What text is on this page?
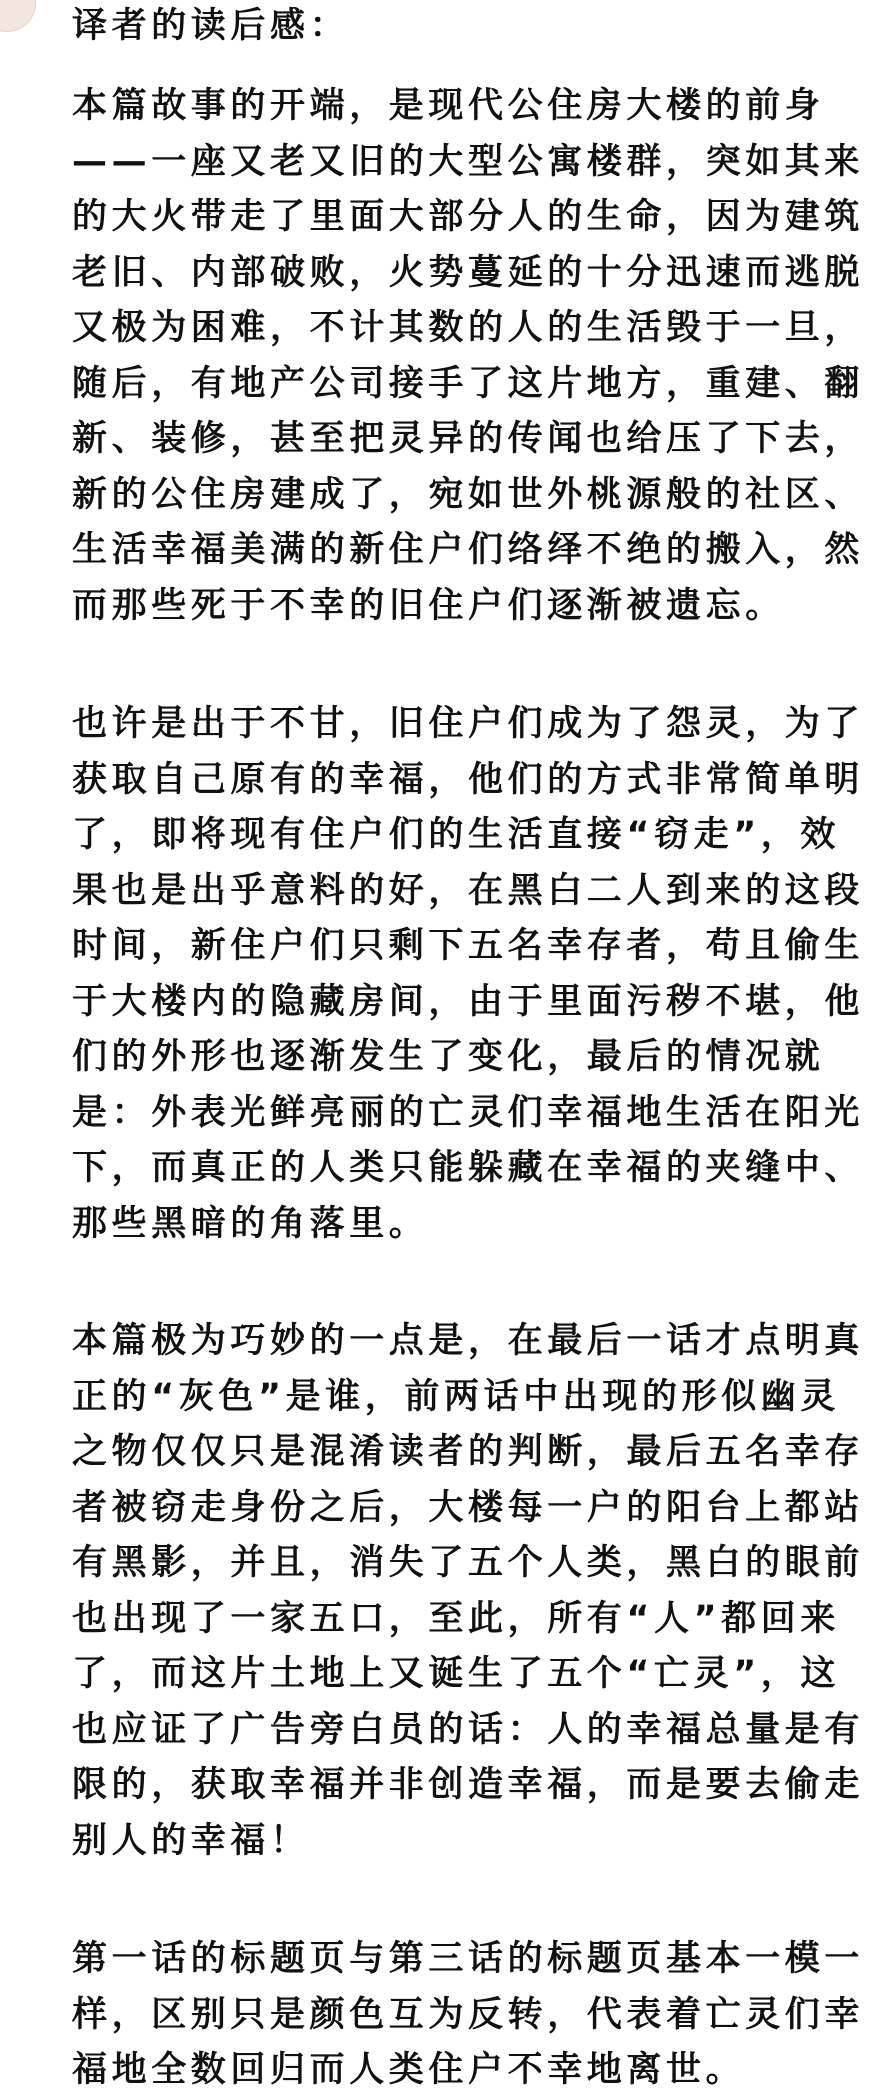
译者的读后感：
本篇故事的开端，是现代公住房大楼的前身
——一座又老又旧的大型公寓楼群，突如其来
的大火带走了里面大部分人的生命，因为建筑
老旧、内部破败，火势蔓延的十分迅速而逃脱
又极为困难，不计其数的人的生活毁于一旦，
随后，有地产公司接手了这片地方，重建、翻
新、装修，甚至把灵异的传闻也给压了下去，
新的公住房建成了，宛如世外桃源般的社区、
生活幸福美满的新住户们络绎不绝的搬入，然
而那些死于不幸的旧住户们逐渐被遗忘。
也许是出于不甘，旧住户们成为了怨灵，为了
获取自己原有的幸福，他们的方式非常简单明
了，即将现有住户们的生活直接“窃走”，效
果也是出乎意料的好，在黑白二人到来的这段
时间，新住户们只剩下五名幸存者，苟且偷生
于大楼内的隐藏房间，由于里面污秽不堪，他
们的外形也逐渐发生了变化，最后的情况就
是：外表光鲜亮丽的亡灵们幸福地生活在阳光
下，而真正的人类只能躲藏在幸福的夹缝中、
那些黑暗的角落里。
本篇极为巧妙的一点是，在最后一话才点明真
正的“灰色”是谁，前两话中出现的形似幽灵
之物仅仅只是混淆读者的判断，最后五名幸存
者被窃走身份之后，大楼每一户的阳台上都站
有黑影，并且，消失了五个人类，黑白的眼前
也出现了一家五口，至此，所有“人”都回来
了，而这片土地上又诞生了五个“亡灵”，这
也应证了广告旁白员的话：人的幸福总量是有
限的，获取幸福并非创造幸福，而是要去偷走
别人的幸福！
第一话的标题页与第三话的标题页基本一模一
样，区别只是颜色互为反转，代表着亡灵们幸
福地全数回归而人类住户不幸地离世。
